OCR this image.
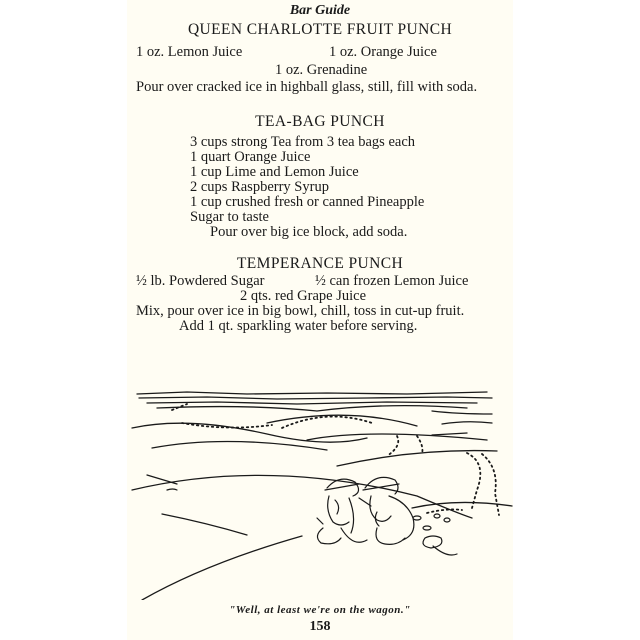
Bar Guide
QUEEN CHARLOTTE FRUIT PUNCH
1 oz. Lemon Juice	1 oz. Orange Juice
1 oz. Grenadine
Pour over cracked ice in highball glass, still, fill with soda.
TEA-BAG PUNCH
3 cups strong Tea from 3 tea bags each
1 quart Orange Juice
1 cup Lime and Lemon Juice
2 cups Raspberry Syrup
1 cup crushed fresh or canned Pineapple
Sugar to taste
Pour over big ice block, add soda.
TEMPERANCE PUNCH
½ lb. Powdered Sugar	½ can frozen Lemon Juice
2 qts. red Grape Juice
Mix, pour over ice in big bowl, chill, toss in cut-up fruit.
Add 1 qt. sparkling water before serving.
"Well, at least we're on the wagon."
158
